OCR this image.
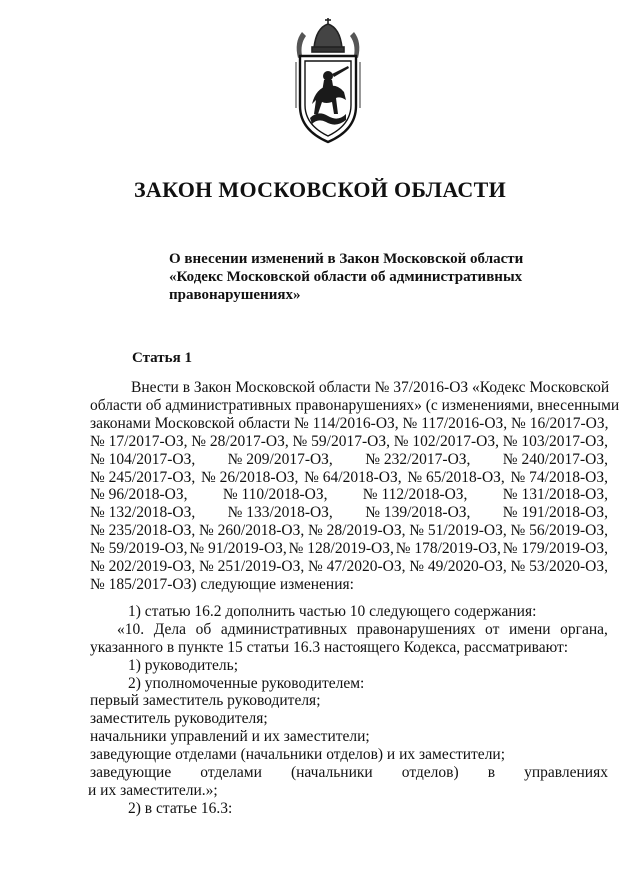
ЗАКОН МОСКОВСКОЙ ОБЛАСТИ
О внесении изменений в Закон Московской области
«Кодекс Московской области об административных
правонарушениях»
Статья 1
Внести в Закон Московской области № 37/2016-ОЗ «Кодекс Московской
области об административных правонарушениях» (с изменениями, внесенными
законами Московской области № 114/2016-ОЗ, № 117/2016-ОЗ, № 16/2017-ОЗ,
№ 17/2017-ОЗ, № 28/2017-ОЗ, № 59/2017-ОЗ, № 102/2017-ОЗ, № 103/2017-ОЗ,
№ 104/2017-ОЗ, № 209/2017-ОЗ, № 232/2017-ОЗ, № 240/2017-ОЗ,
№ 245/2017-ОЗ, № 26/2018-ОЗ, № 64/2018-ОЗ, № 65/2018-ОЗ, № 74/2018-ОЗ,
№ 96/2018-ОЗ, № 110/2018-ОЗ, № 112/2018-ОЗ, № 131/2018-ОЗ,
№ 132/2018-ОЗ, № 133/2018-ОЗ, № 139/2018-ОЗ, № 191/2018-ОЗ,
№ 235/2018-ОЗ, № 260/2018-ОЗ, № 28/2019-ОЗ, № 51/2019-ОЗ, № 56/2019-ОЗ,
№ 59/2019-ОЗ, № 91/2019-ОЗ, № 128/2019-ОЗ, № 178/2019-ОЗ, № 179/2019-ОЗ,
№ 202/2019-ОЗ, № 251/2019-ОЗ, № 47/2020-ОЗ, № 49/2020-ОЗ, № 53/2020-ОЗ,
№ 185/2017-ОЗ) следующие изменения:
1) статью 16.2 дополнить частью 10 следующего содержания:
«10. Дела об административных правонарушениях от имени органа,
указанного в пункте 15 статьи 16.3 настоящего Кодекса, рассматривают:
1) руководитель;
2) уполномоченные руководителем:
первый заместитель руководителя;
заместитель руководителя;
начальники управлений и их заместители;
заведующие отделами (начальники отделов) и их заместители;
заведующие отделами (начальники отделов) в управлениях
и их заместители.»;
2) в статье 16.3:
